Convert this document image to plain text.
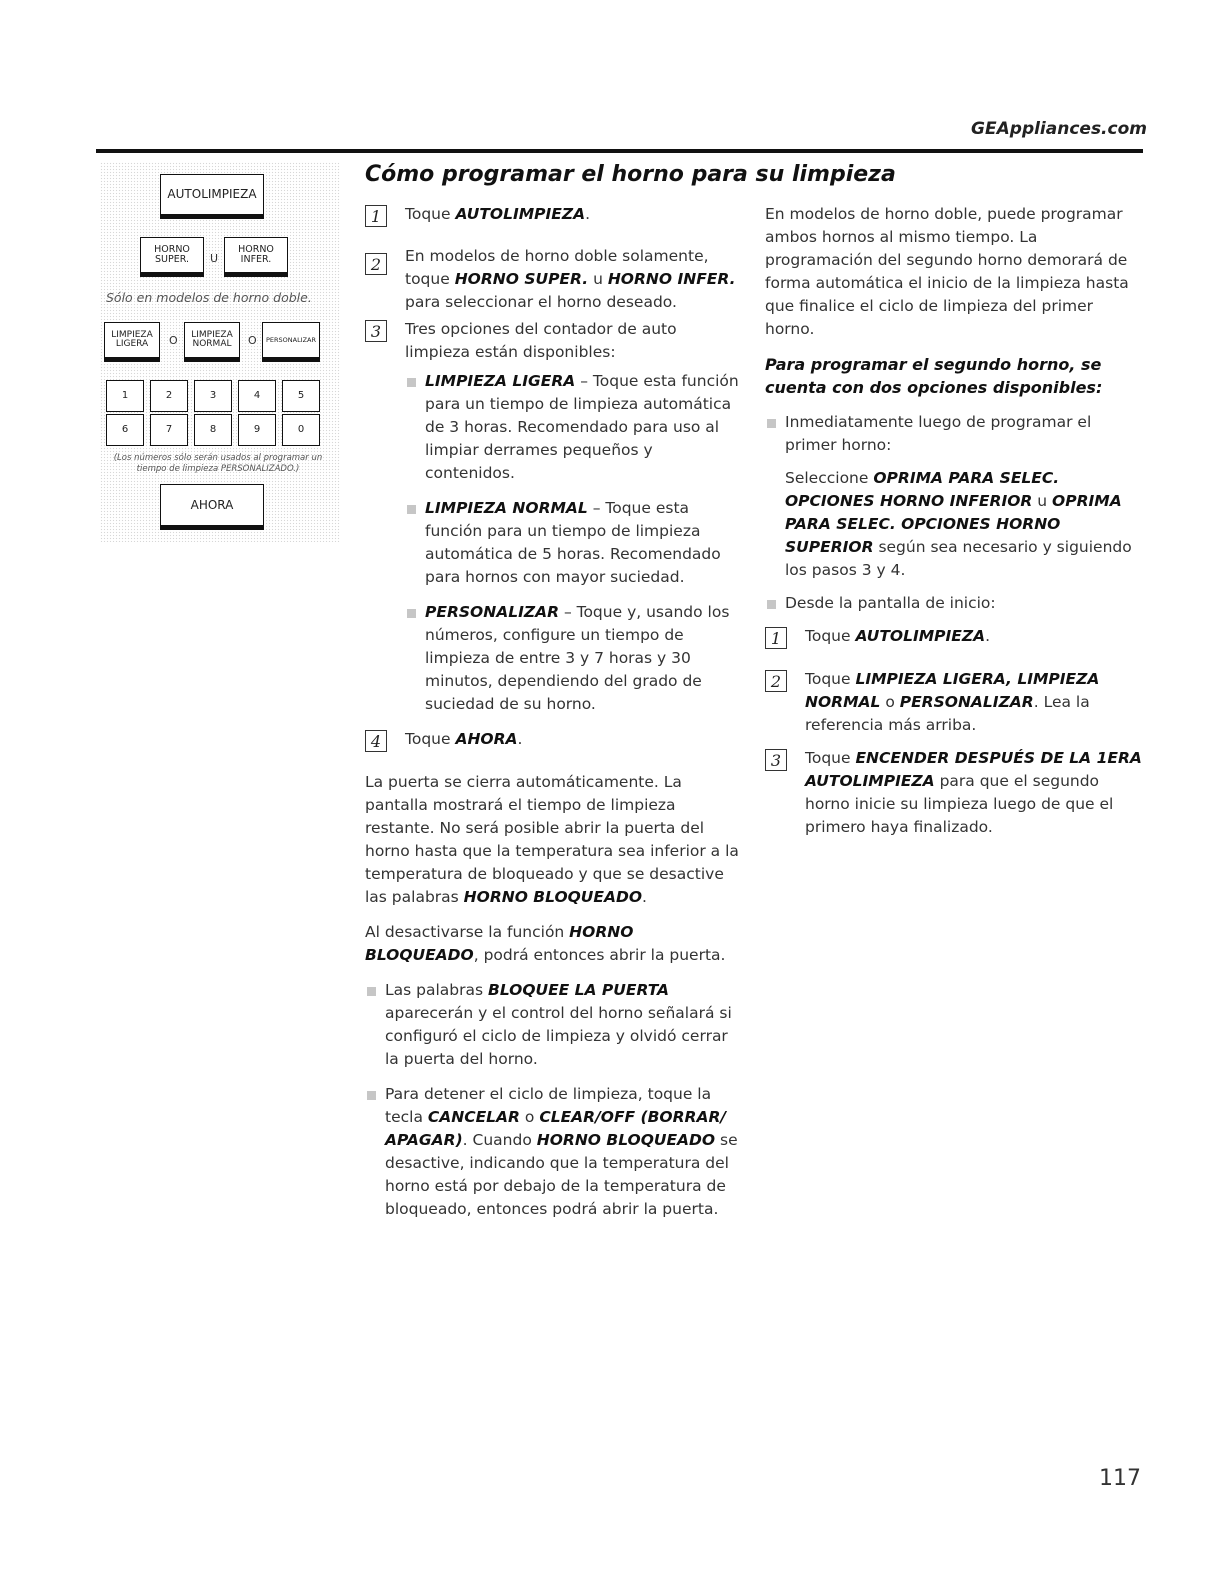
GEAppliances.com
Cómo programar el horno para su limpieza
AUTOLIMPIEZA
HORNO SUPER.	U
HORNO INFER.
Sólo en modelos de horno doble.
LIMPIEZA LIGERA	O LIMPIEZA NORMAL O PERSONALIZAR
1	2	3	4	5
6	7	8	9	0
(Los números sólo serán usados al programar un tiempo de limpieza PERSONALIZADO.)
AHORA
1	Toque AUTOLIMPIEZA.

2	En modelos de horno doble solamente, toque HORNO SUPER. u HORNO INFER. para seleccionar el horno deseado.

3	Tres opciones del contador de auto limpieza están disponibles:

LIMPIEZA LIGERA – Toque esta función para un tiempo de limpieza automática de 3 horas. Recomendado para uso al limpiar derrames pequeños y contenidos.

LIMPIEZA NORMAL – Toque esta función para un tiempo de limpieza automática de 5 horas. Recomendado para hornos con mayor suciedad.

PERSONALIZAR – Toque y, usando los números, configure un tiempo de limpieza de entre 3 y 7 horas y 30 minutos, dependiendo del grado de suciedad de su horno.

4	Toque AHORA.

La puerta se cierra automáticamente. La pantalla mostrará el tiempo de limpieza restante. No será posible abrir la puerta del horno hasta que la temperatura sea inferior a la temperatura de bloqueado y que se desactive las palabras HORNO BLOQUEADO.

Al desactivarse la función HORNO BLOQUEADO, podrá entonces abrir la puerta.

Las palabras BLOQUEE LA PUERTA aparecerán y el control del horno señalará si configuró el ciclo de limpieza y olvidó cerrar la puerta del horno.

Para detener el ciclo de limpieza, toque la tecla CANCELAR o CLEAR/OFF (BORRAR/ APAGAR). Cuando HORNO BLOQUEADO se desactive, indicando que la temperatura del horno está por debajo de la temperatura de bloqueado, entonces podrá abrir la puerta.

En modelos de horno doble, puede programar ambos hornos al mismo tiempo. La programación del segundo horno demorará de forma automática el inicio de la limpieza hasta que finalice el ciclo de limpieza del primer horno.

Para programar el segundo horno, se cuenta con dos opciones disponibles:

Inmediatamente luego de programar el primer horno:

Seleccione OPRIMA PARA SELEC. OPCIONES HORNO INFERIOR u OPRIMA PARA SELEC. OPCIONES HORNO SUPERIOR según sea necesario y siguiendo los pasos 3 y 4.

Desde la pantalla de inicio:

1	Toque AUTOLIMPIEZA.

2	Toque LIMPIEZA LIGERA, LIMPIEZA NORMAL o PERSONALIZAR. Lea la referencia más arriba.

3	Toque ENCENDER DESPUÉS DE LA 1ERA AUTOLIMPIEZA para que el segundo horno inicie su limpieza luego de que el primero haya finalizado.

117
